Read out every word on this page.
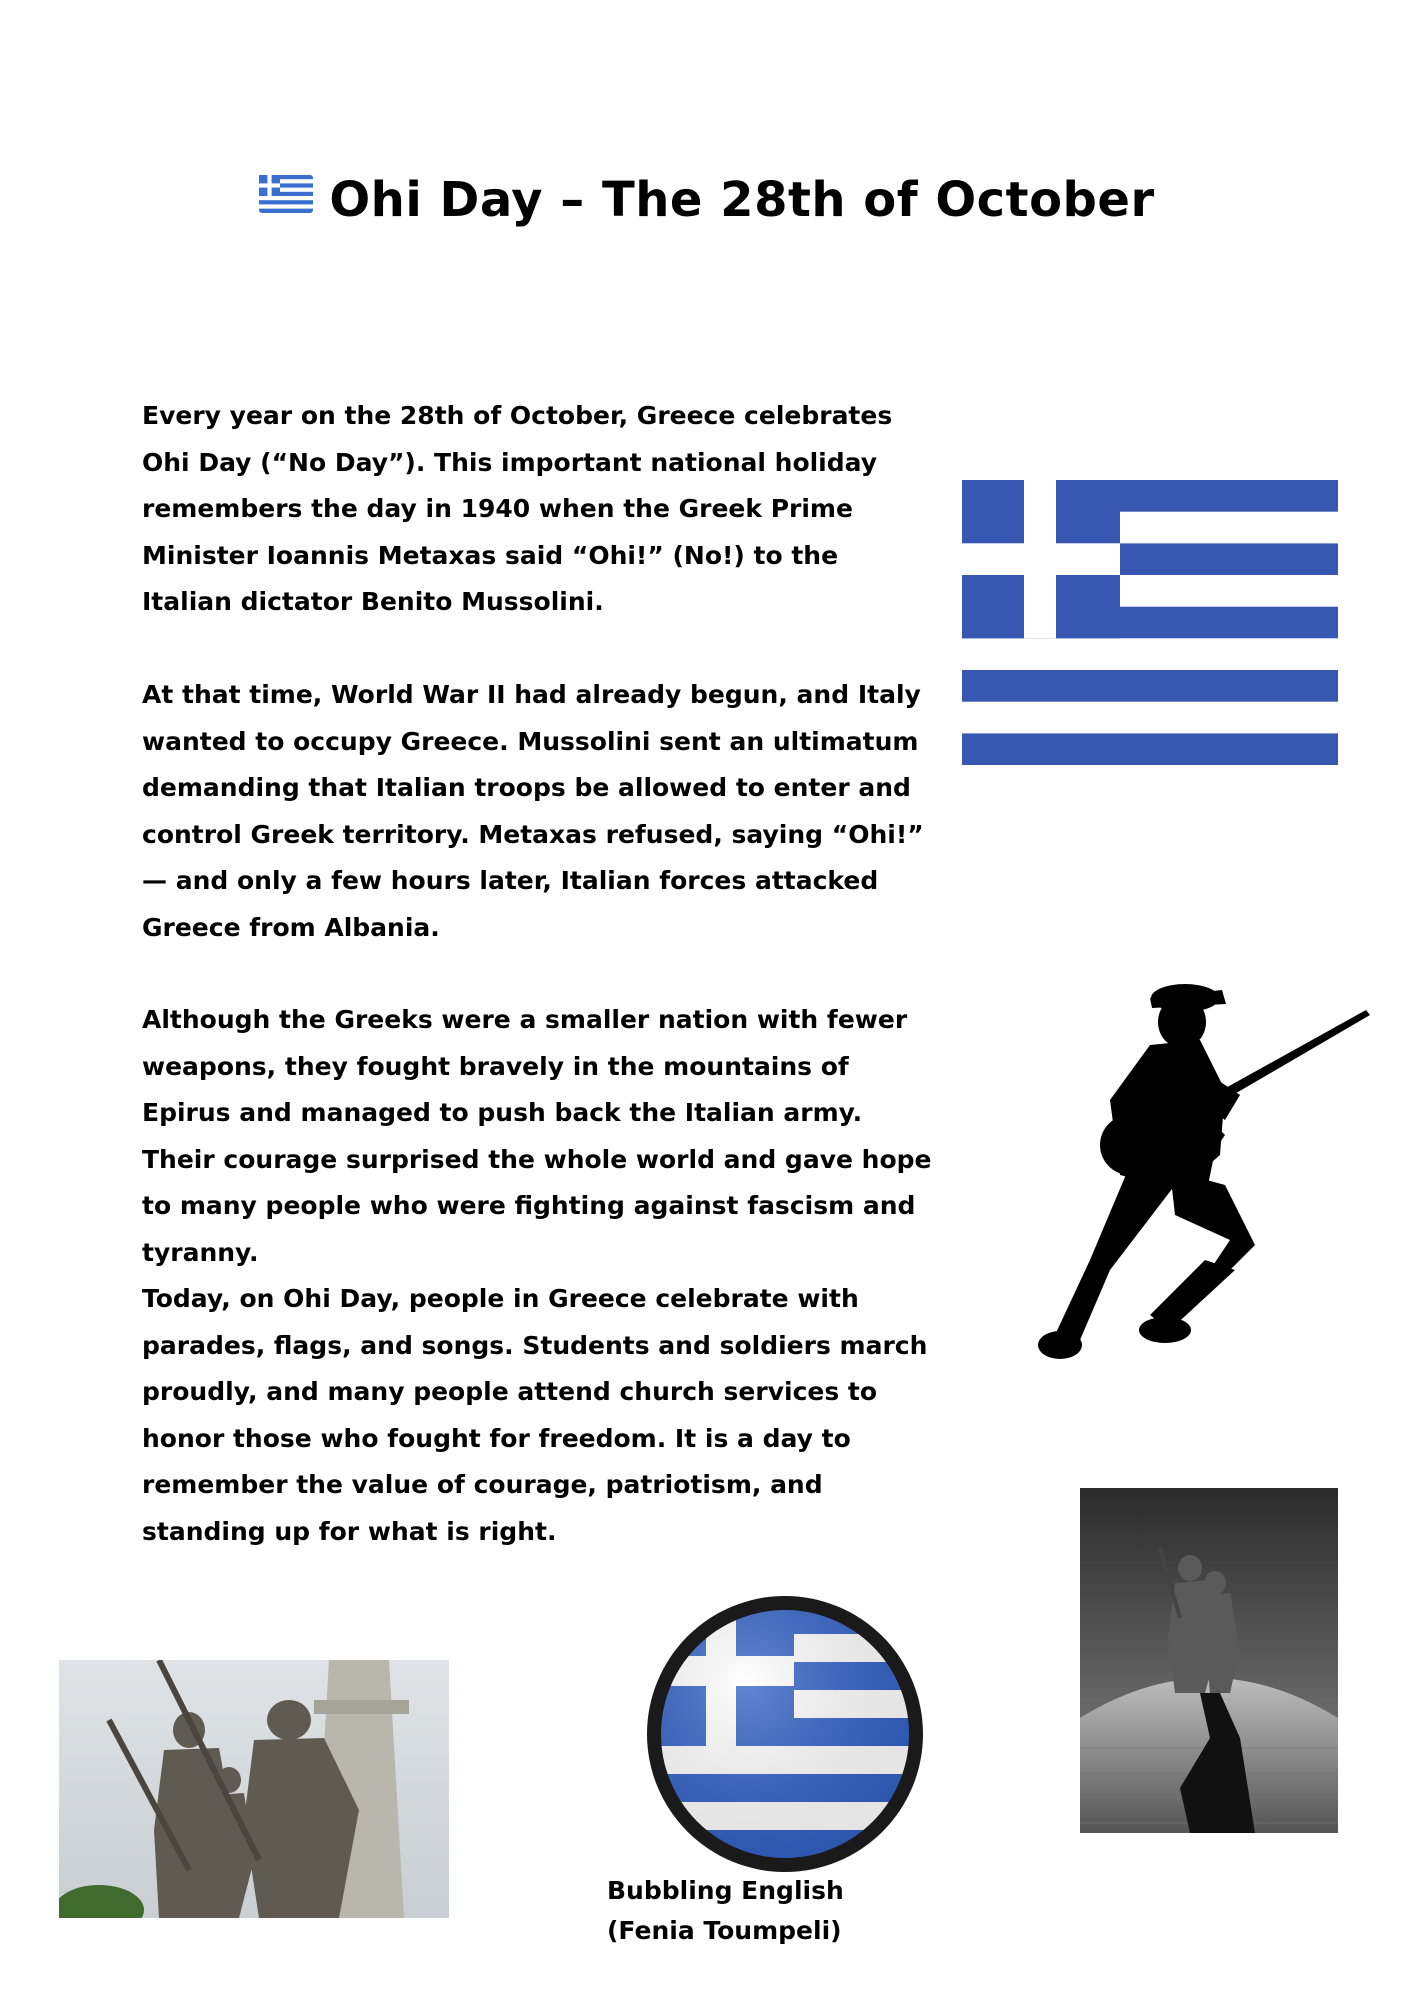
Ohi Day – The 28th of October

Every year on the 28th of October, Greece celebrates Ohi Day (“No Day”). This important national holiday remembers the day in 1940 when the Greek Prime Minister Ioannis Metaxas said “Ohi!” (No!) to the Italian dictator Benito Mussolini.

At that time, World War II had already begun, and Italy wanted to occupy Greece. Mussolini sent an ultimatum demanding that Italian troops be allowed to enter and control Greek territory. Metaxas refused, saying “Ohi!” — and only a few hours later, Italian forces attacked Greece from Albania.

Although the Greeks were a smaller nation with fewer weapons, they fought bravely in the mountains of Epirus and managed to push back the Italian army. Their courage surprised the whole world and gave hope to many people who were fighting against fascism and tyranny.

Today, on Ohi Day, people in Greece celebrate with parades, flags, and songs. Students and soldiers march proudly, and many people attend church services to honor those who fought for freedom. It is a day to remember the value of courage, patriotism, and standing up for what is right.

Bubbling English

(Fenia Toumpeli)
